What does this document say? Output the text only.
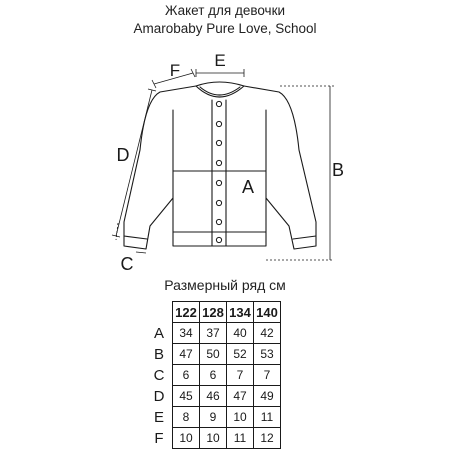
Жакет для девочки
Amarobaby Pure Love, School
E
F
D
C
A
B
Размерный ряд см
	122	128	134	140
A	34	37	40	42
B	47	50	52	53
C	6	6	7	7
D	45	46	47	49
E	8	9	10	11
F	10	10	11	12
